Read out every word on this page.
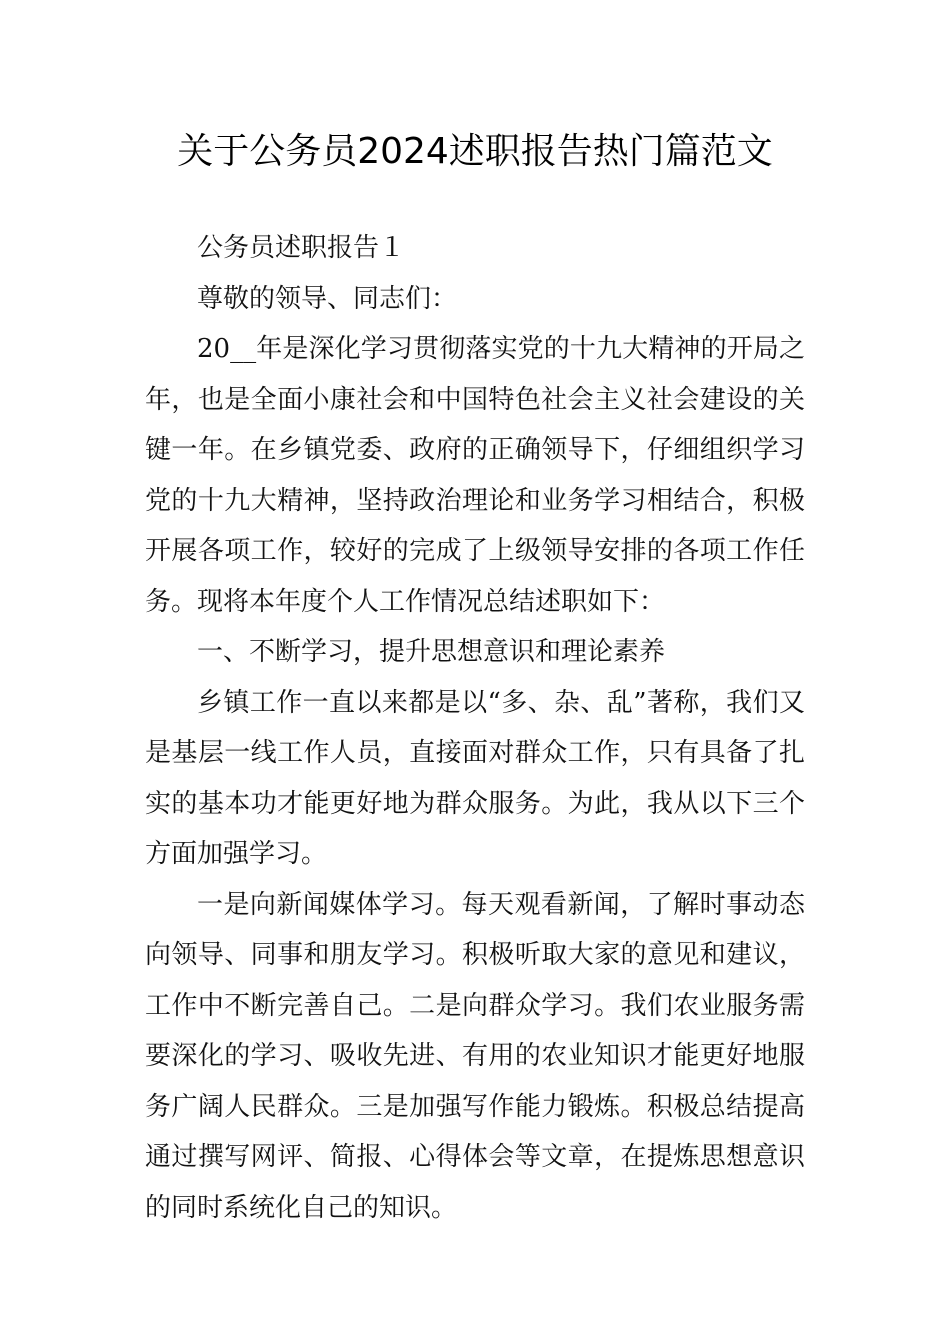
关于公务员2024述职报告热门篇范文

公务员述职报告１

尊敬的领导、同志们：

20__年是深化学习贯彻落实党的十九大精神的开局之年，也是全面小康社会和中国特色社会主义社会建设的关键一年。在乡镇党委、政府的正确领导下，仔细组织学习党的十九大精神，坚持政治理论和业务学习相结合，积极开展各项工作，较好的完成了上级领导安排的各项工作任务。现将本年度个人工作情况总结述职如下：

一、不断学习，提升思想意识和理论素养

乡镇工作一直以来都是以“多、杂、乱”著称，我们又是基层一线工作人员，直接面对群众工作，只有具备了扎实的基本功才能更好地为群众服务。为此，我从以下三个方面加强学习。

一是向新闻媒体学习。每天观看新闻，了解时事动态向领导、同事和朋友学习。积极听取大家的意见和建议，工作中不断完善自己。二是向群众学习。我们农业服务需要深化的学习、吸收先进、有用的农业知识才能更好地服务广阔人民群众。三是加强写作能力锻炼。积极总结提高通过撰写网评、简报、心得体会等文章，在提炼思想意识的同时系统化自己的知识。
